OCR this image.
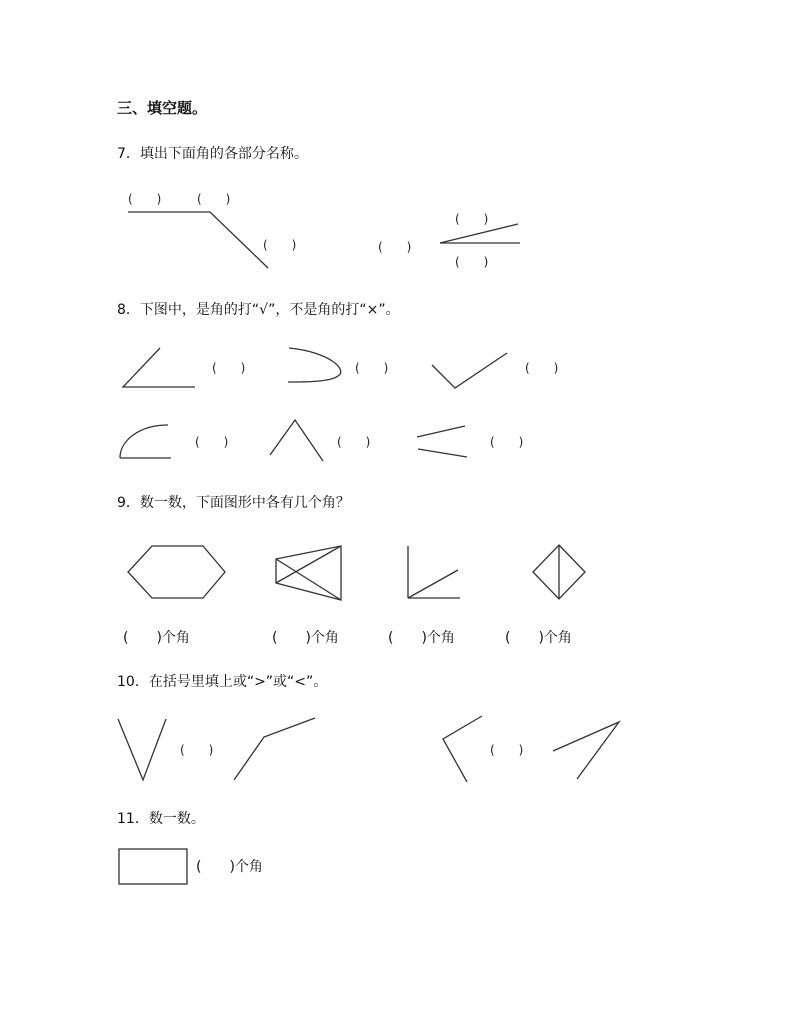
三、填空题。
7．填出下面角的各部分名称。
(　　)	(　　)
(　　)	(　　)
(　　)
(　　)
8．下图中，是角的打“√”，不是角的打“×”。
(　　)	(　　)	(　　)
(　　)	(　　)	(　　)
9．数一数，下面图形中各有几个角？
(　　)个角	(　　)个角	(　　)个角	(　　)个角
10．在括号里填上或“>”或“<”。
(　　)	(　　)
11．数一数。
(　　)个角
